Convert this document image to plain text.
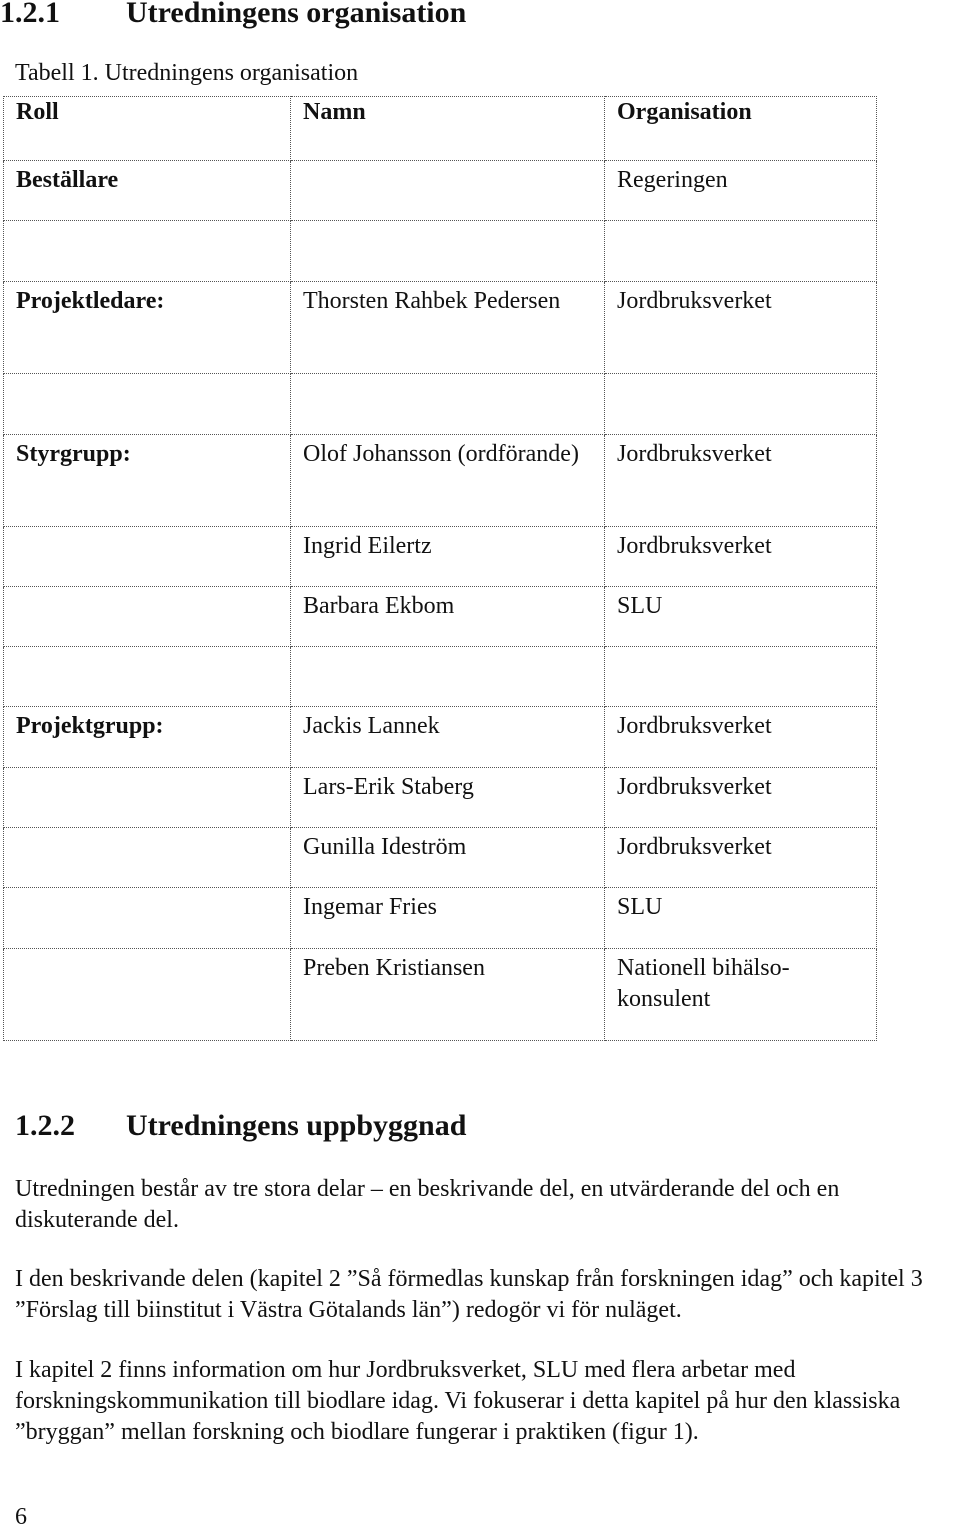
1.2.1 Utredningens organisation
Tabell 1. Utredningens organisation
Roll	Namn	Organisation
Beställare		Regeringen

Projektledare:	Thorsten Rahbek Pedersen	Jordbruksverket

Styrgrupp:	Olof Johansson (ordförande)	Jordbruksverket
	Ingrid Eilertz	Jordbruksverket
	Barbara Ekbom	SLU

Projektgrupp:	Jackis Lannek	Jordbruksverket
	Lars-Erik Staberg	Jordbruksverket
	Gunilla Ideström	Jordbruksverket
	Ingemar Fries	SLU
	Preben Kristiansen	Nationell bihälso-
konsulent
1.2.2 Utredningens uppbyggnad

Utredningen består av tre stora delar – en beskrivande del, en utvärderande del och en diskuterande del.

I den beskrivande delen (kapitel 2 ”Så förmedlas kunskap från forskningen idag” och kapitel 3 ”Förslag till biinstitut i Västra Götalands län”) redogör vi för nuläget.

I kapitel 2 finns information om hur Jordbruksverket, SLU med flera arbetar med forskningskommunikation till biodlare idag. Vi fokuserar i detta kapitel på hur den klassiska ”bryggan” mellan forskning och biodlare fungerar i praktiken (figur 1).

6
